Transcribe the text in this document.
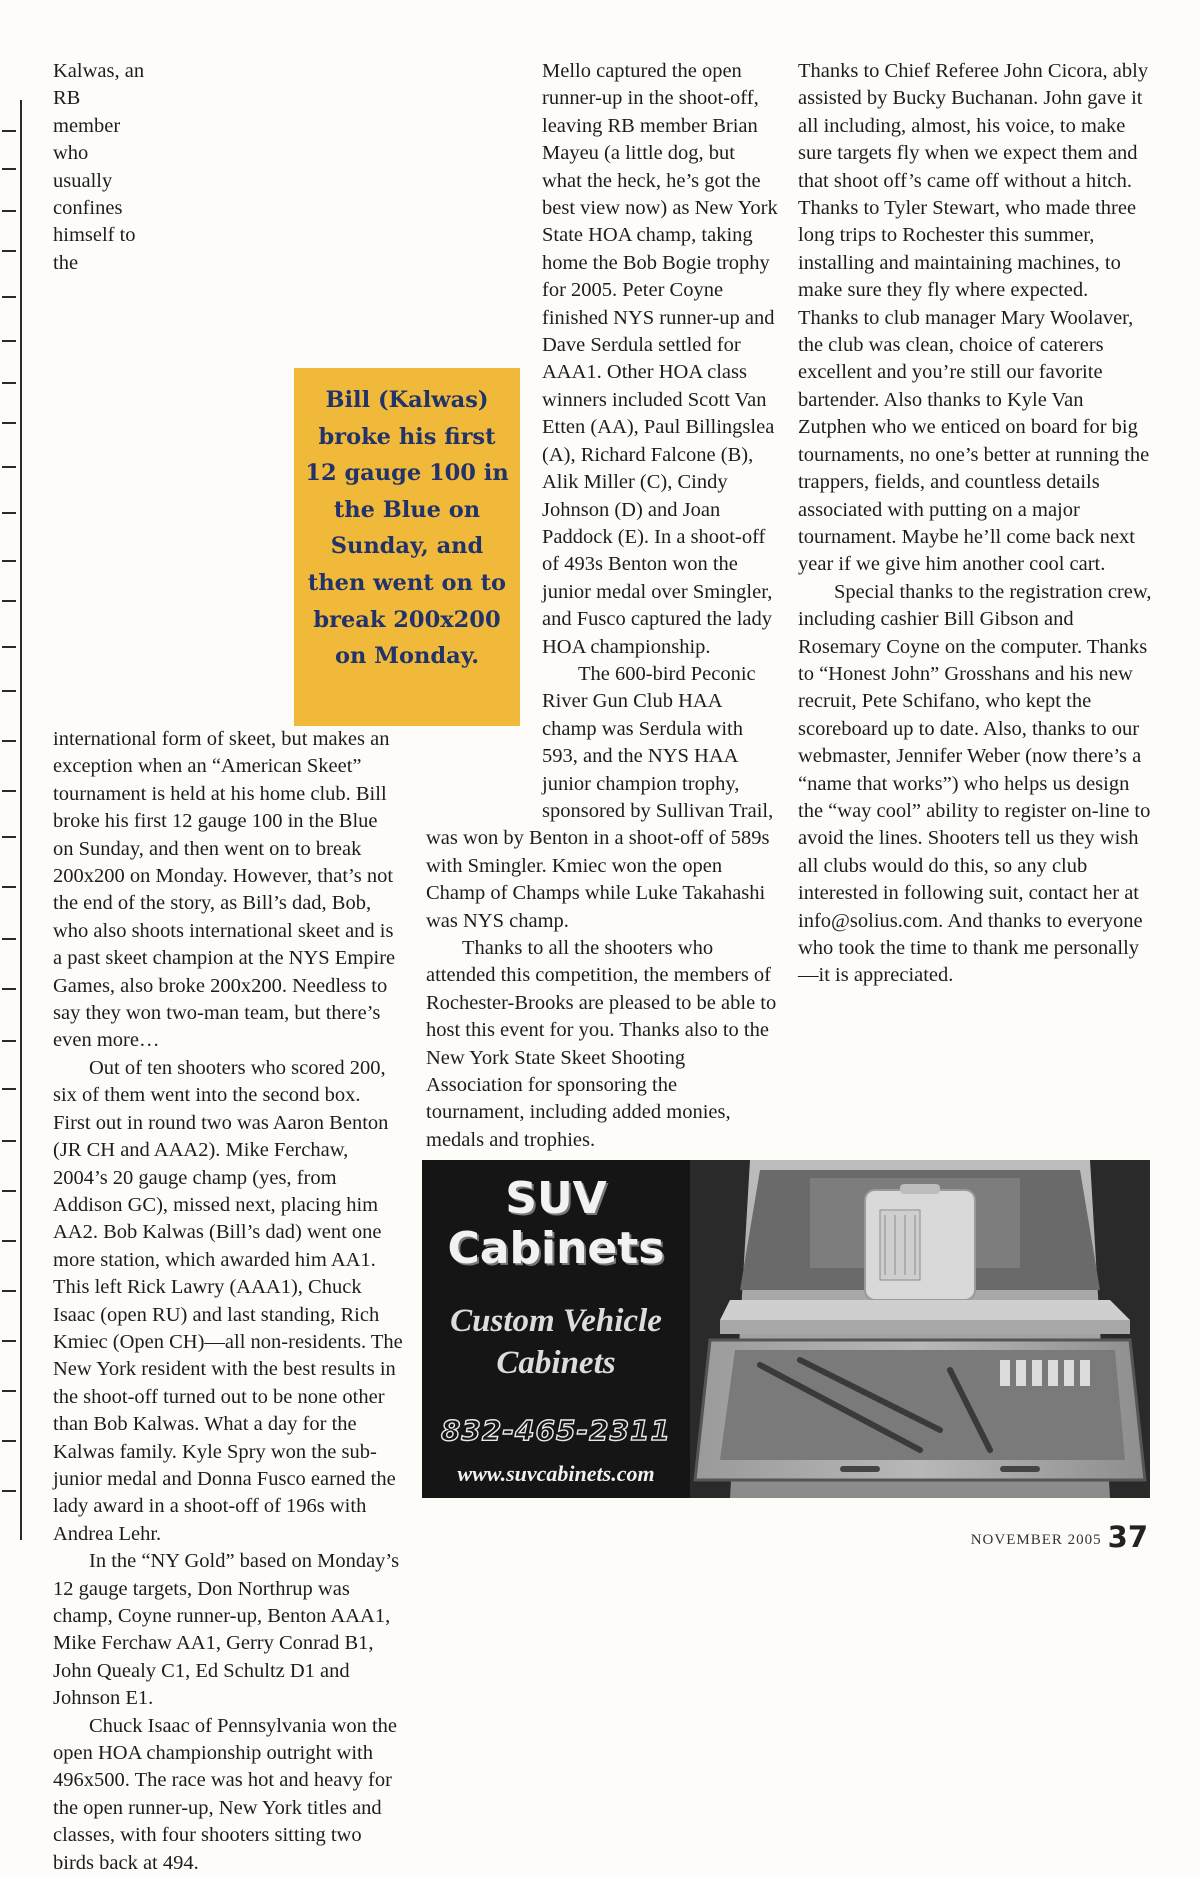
Kalwas, an RB member who usually confines himself to the international form of skeet, but makes an exception when an “American Skeet” tournament is held at his home club. Bill broke his first 12 gauge 100 in the Blue on Sunday, and then went on to break 200x200 on Monday. However, that’s not the end of the story, as Bill’s dad, Bob, who also shoots international skeet and is a past skeet champion at the NYS Empire Games, also broke 200x200. Needless to say they won two-man team, but there’s even more…

Out of ten shooters who scored 200, six of them went into the second box. First out in round two was Aaron Benton (JR CH and AAA2). Mike Ferchaw, 2004’s 20 gauge champ (yes, from Addison GC), missed next, placing him AA2. Bob Kalwas (Bill’s dad) went one more station, which awarded him AA1. This left Rick Lawry (AAA1), Chuck Isaac (open RU) and last standing, Rich Kmiec (Open CH)—all non-residents. The New York resident with the best results in the shoot-off turned out to be none other than Bob Kalwas. What a day for the Kalwas family. Kyle Spry won the sub-junior medal and Donna Fusco earned the lady award in a shoot-off of 196s with Andrea Lehr.

In the “NY Gold” based on Monday’s 12 gauge targets, Don Northrup was champ, Coyne runner-up, Benton AAA1, Mike Ferchaw AA1, Gerry Conrad B1, John Quealy C1, Ed Schultz D1 and Johnson E1.

Chuck Isaac of Pennsylvania won the open HOA championship outright with 496x500. The race was hot and heavy for the open runner-up, New York titles and classes, with four shooters sitting two birds back at 494.

Mello captured the open runner-up in the shoot-off, leaving RB member Brian Mayeu (a little dog, but what the heck, he’s got the best view now) as New York State HOA champ, taking home the Bob Bogie trophy for 2005. Peter Coyne finished NYS runner-up and Dave Serdula settled for AAA1. Other HOA class winners included Scott Van Etten (AA), Paul Billingslea (A), Richard Falcone (B), Alik Miller (C), Cindy Johnson (D) and Joan Paddock (E). In a shoot-off of 493s Benton won the junior medal over Smingler, and Fusco captured the lady HOA championship.

The 600-bird Peconic River Gun Club HAA champ was Serdula with 593, and the NYS HAA junior champion trophy, sponsored by Sullivan Trail, was won by Benton in a shoot-off of 589s with Smingler. Kmiec won the open Champ of Champs while Luke Takahashi was NYS champ.

Thanks to all the shooters who attended this competition, the members of Rochester-Brooks are pleased to be able to host this event for you. Thanks also to the New York State Skeet Shooting Association for sponsoring the tournament, including added monies, medals and trophies.

Thanks to Chief Referee John Cicora, ably assisted by Bucky Buchanan. John gave it all including, almost, his voice, to make sure targets fly when we expect them and that shoot off’s came off without a hitch. Thanks to Tyler Stewart, who made three long trips to Rochester this summer, installing and maintaining machines, to make sure they fly where expected. Thanks to club manager Mary Woolaver, the club was clean, choice of caterers excellent and you’re still our favorite bartender. Also thanks to Kyle Van Zutphen who we enticed on board for big tournaments, no one’s better at running the trappers, fields, and countless details associated with putting on a major tournament. Maybe he’ll come back next year if we give him another cool cart.

Special thanks to the registration crew, including cashier Bill Gibson and Rosemary Coyne on the computer. Thanks to “Honest John” Grosshans and his new recruit, Pete Schifano, who kept the scoreboard up to date. Also, thanks to our webmaster, Jennifer Weber (now there’s a “name that works”) who helps us design the “way cool” ability to register on-line to avoid the lines. Shooters tell us they wish all clubs would do this, so any club interested in following suit, contact her at info@solius.com. And thanks to everyone who took the time to thank me personally—it is appreciated.

Bill (Kalwas) broke his first 12 gauge 100 in the Blue on Sunday, and then went on to break 200x200 on Monday.
SUV
Cabinets
Custom Vehicle
Cabinets
832-465-2311
www.suvcabinets.com
NOVEMBER 2005 37
